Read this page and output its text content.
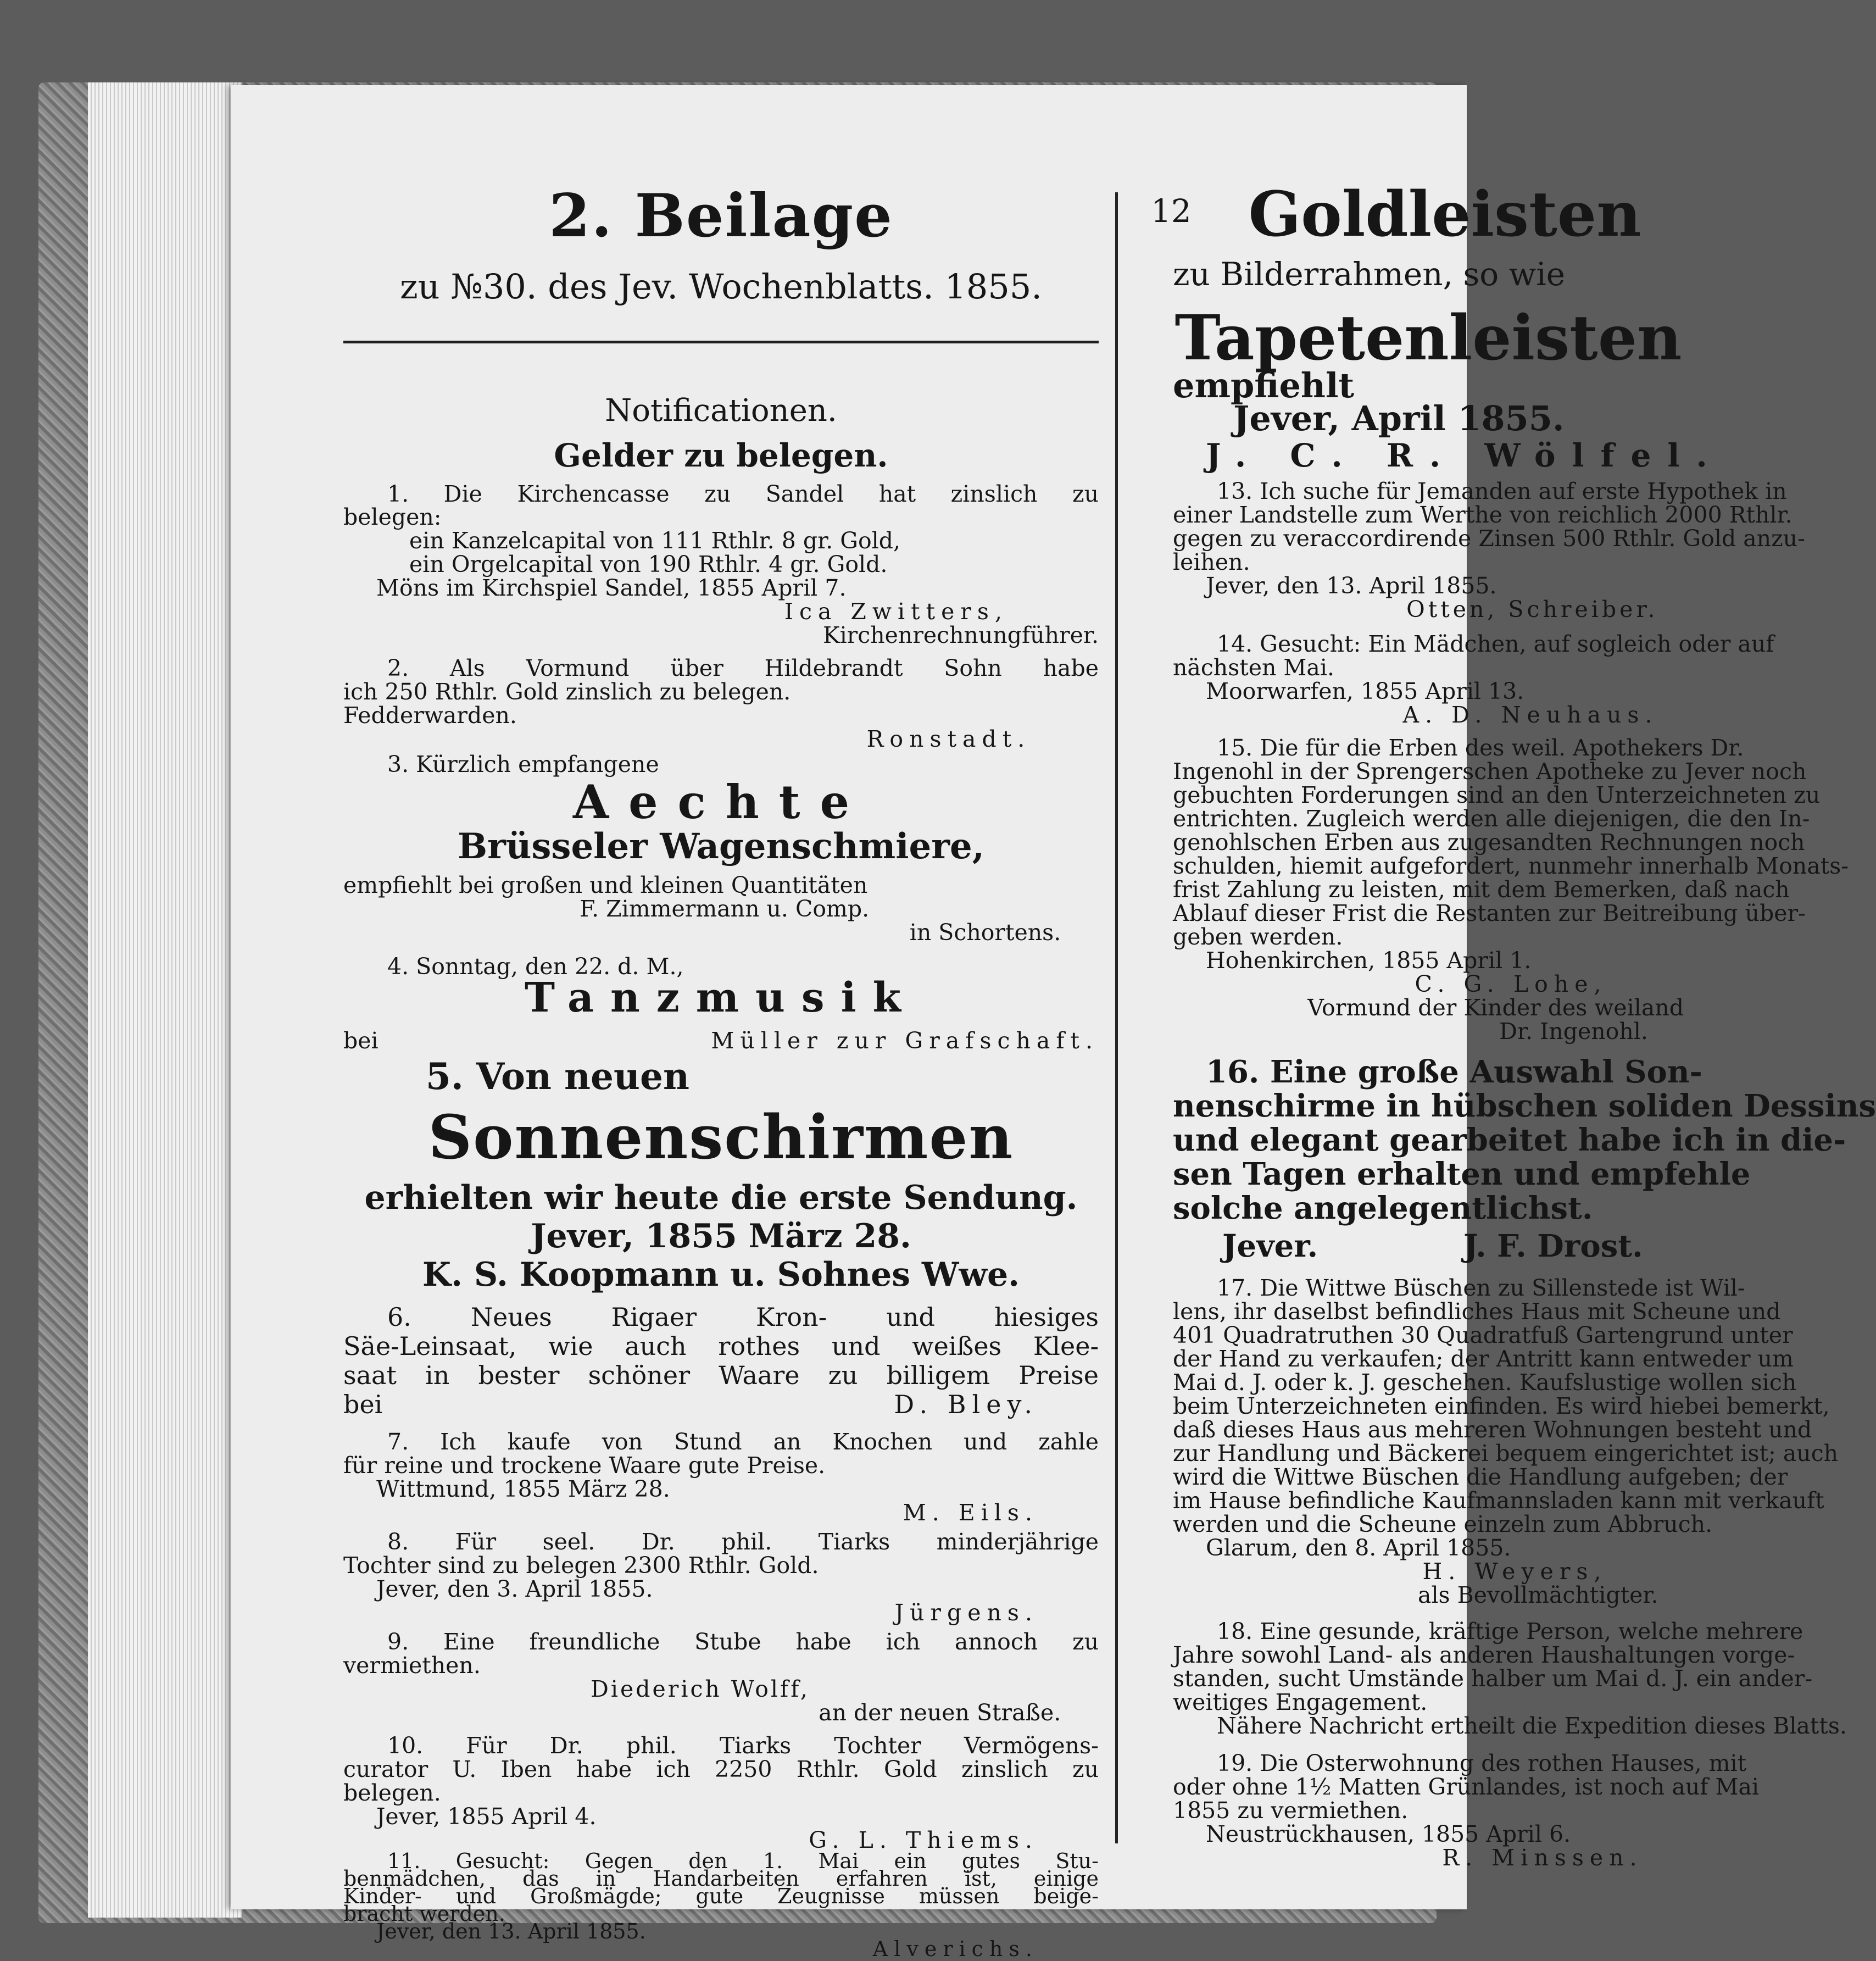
12
2. Beilage
zu №30. des Jev. Wochenblatts. 1855.
Notificationen.
Gelder zu belegen.
1. Die Kirchencasse zu Sandel hat zinslich zu
belegen:
ein Kanzelcapital von 111 Rthlr. 8 gr. Gold,
ein Orgelcapital von 190 Rthlr. 4 gr. Gold.
Möns im Kirchspiel Sandel, 1855 April 7.
Ica Zwitters,
Kirchenrechnungführer.
2. Als Vormund über Hildebrandt Sohn habe
ich 250 Rthlr. Gold zinslich zu belegen.
Fedderwarden.
Ronstadt.
3. Kürzlich empfangene
Aechte
Brüsseler Wagenschmiere,
empfiehlt bei großen und kleinen Quantitäten
F. Zimmermann u. Comp.
in Schortens.
4. Sonntag, den 22. d. M.,
Tanzmusik
bei	Müller zur Grafschaft.
5. Von neuen
Sonnenschirmen
erhielten wir heute die erste Sendung.
Jever, 1855 März 28.
K. S. Koopmann u. Sohnes Wwe.
6. Neues Rigaer Kron- und hiesiges
Säe-Leinsaat, wie auch rothes und weißes Klee-
saat in bester schöner Waare zu billigem Preise
bei	D. Bley.
7. Ich kaufe von Stund an Knochen und zahle
für reine und trockene Waare gute Preise.
Wittmund, 1855 März 28.
M. Eils.
8. Für seel. Dr. phil. Tiarks minderjährige
Tochter sind zu belegen 2300 Rthlr. Gold.
Jever, den 3. April 1855.
Jürgens.
9. Eine freundliche Stube habe ich annoch zu
vermiethen.
Diederich Wolff,
an der neuen Straße.
10. Für Dr. phil. Tiarks Tochter Vermögens-
curator U. Iben habe ich 2250 Rthlr. Gold zinslich zu
belegen.
Jever, 1855 April 4.
G. L. Thiems.
11. Gesucht: Gegen den 1. Mai ein gutes Stu-
benmädchen, das in Handarbeiten erfahren ist, einige
Kinder- und Großmägde; gute Zeugnisse müssen beige-
bracht werden.
Jever, den 13. April 1855.
Alverichs.
Goldleisten
zu Bilderrahmen, so wie
Tapetenleisten
empfiehlt
Jever, April 1855.
J. C. R. Wölfel.
13. Ich suche für Jemanden auf erste Hypothek in
einer Landstelle zum Werthe von reichlich 2000 Rthlr.
gegen zu veraccordirende Zinsen 500 Rthlr. Gold anzu-
leihen.
Jever, den 13. April 1855.
Otten, Schreiber.
14. Gesucht: Ein Mädchen, auf sogleich oder auf
nächsten Mai.
Moorwarfen, 1855 April 13.
A. D. Neuhaus.
15. Die für die Erben des weil. Apothekers Dr.
Ingenohl in der Sprengerschen Apotheke zu Jever noch
gebuchten Forderungen sind an den Unterzeichneten zu
entrichten. Zugleich werden alle diejenigen, die den In-
genohlschen Erben aus zugesandten Rechnungen noch
schulden, hiemit aufgefordert, nunmehr innerhalb Monats-
frist Zahlung zu leisten, mit dem Bemerken, daß nach
Ablauf dieser Frist die Restanten zur Beitreibung über-
geben werden.
Hohenkirchen, 1855 April 1.
C. G. Lohe,
Vormund der Kinder des weiland
Dr. Ingenohl.
16. Eine große Auswahl Son-
nenschirme in hübschen soliden Dessins
und elegant gearbeitet habe ich in die-
sen Tagen erhalten und empfehle
solche angelegentlichst.
Jever.	J. F. Drost.
17. Die Wittwe Büschen zu Sillenstede ist Wil-
lens, ihr daselbst befindliches Haus mit Scheune und
401 Quadratruthen 30 Quadratfuß Gartengrund unter
der Hand zu verkaufen; der Antritt kann entweder um
Mai d. J. oder k. J. geschehen. Kaufslustige wollen sich
beim Unterzeichneten einfinden. Es wird hiebei bemerkt,
daß dieses Haus aus mehreren Wohnungen besteht und
zur Handlung und Bäckerei bequem eingerichtet ist; auch
wird die Wittwe Büschen die Handlung aufgeben; der
im Hause befindliche Kaufmannsladen kann mit verkauft
werden und die Scheune einzeln zum Abbruch.
Glarum, den 8. April 1855.
H. Weyers,
als Bevollmächtigter.
18. Eine gesunde, kräftige Person, welche mehrere
Jahre sowohl Land- als anderen Haushaltungen vorge-
standen, sucht Umstände halber um Mai d. J. ein ander-
weitiges Engagement.
Nähere Nachricht ertheilt die Expedition dieses Blatts.
19. Die Osterwohnung des rothen Hauses, mit
oder ohne 1½ Matten Grünlandes, ist noch auf Mai
1855 zu vermiethen.
Neustrückhausen, 1855 April 6.
R. Minssen.
